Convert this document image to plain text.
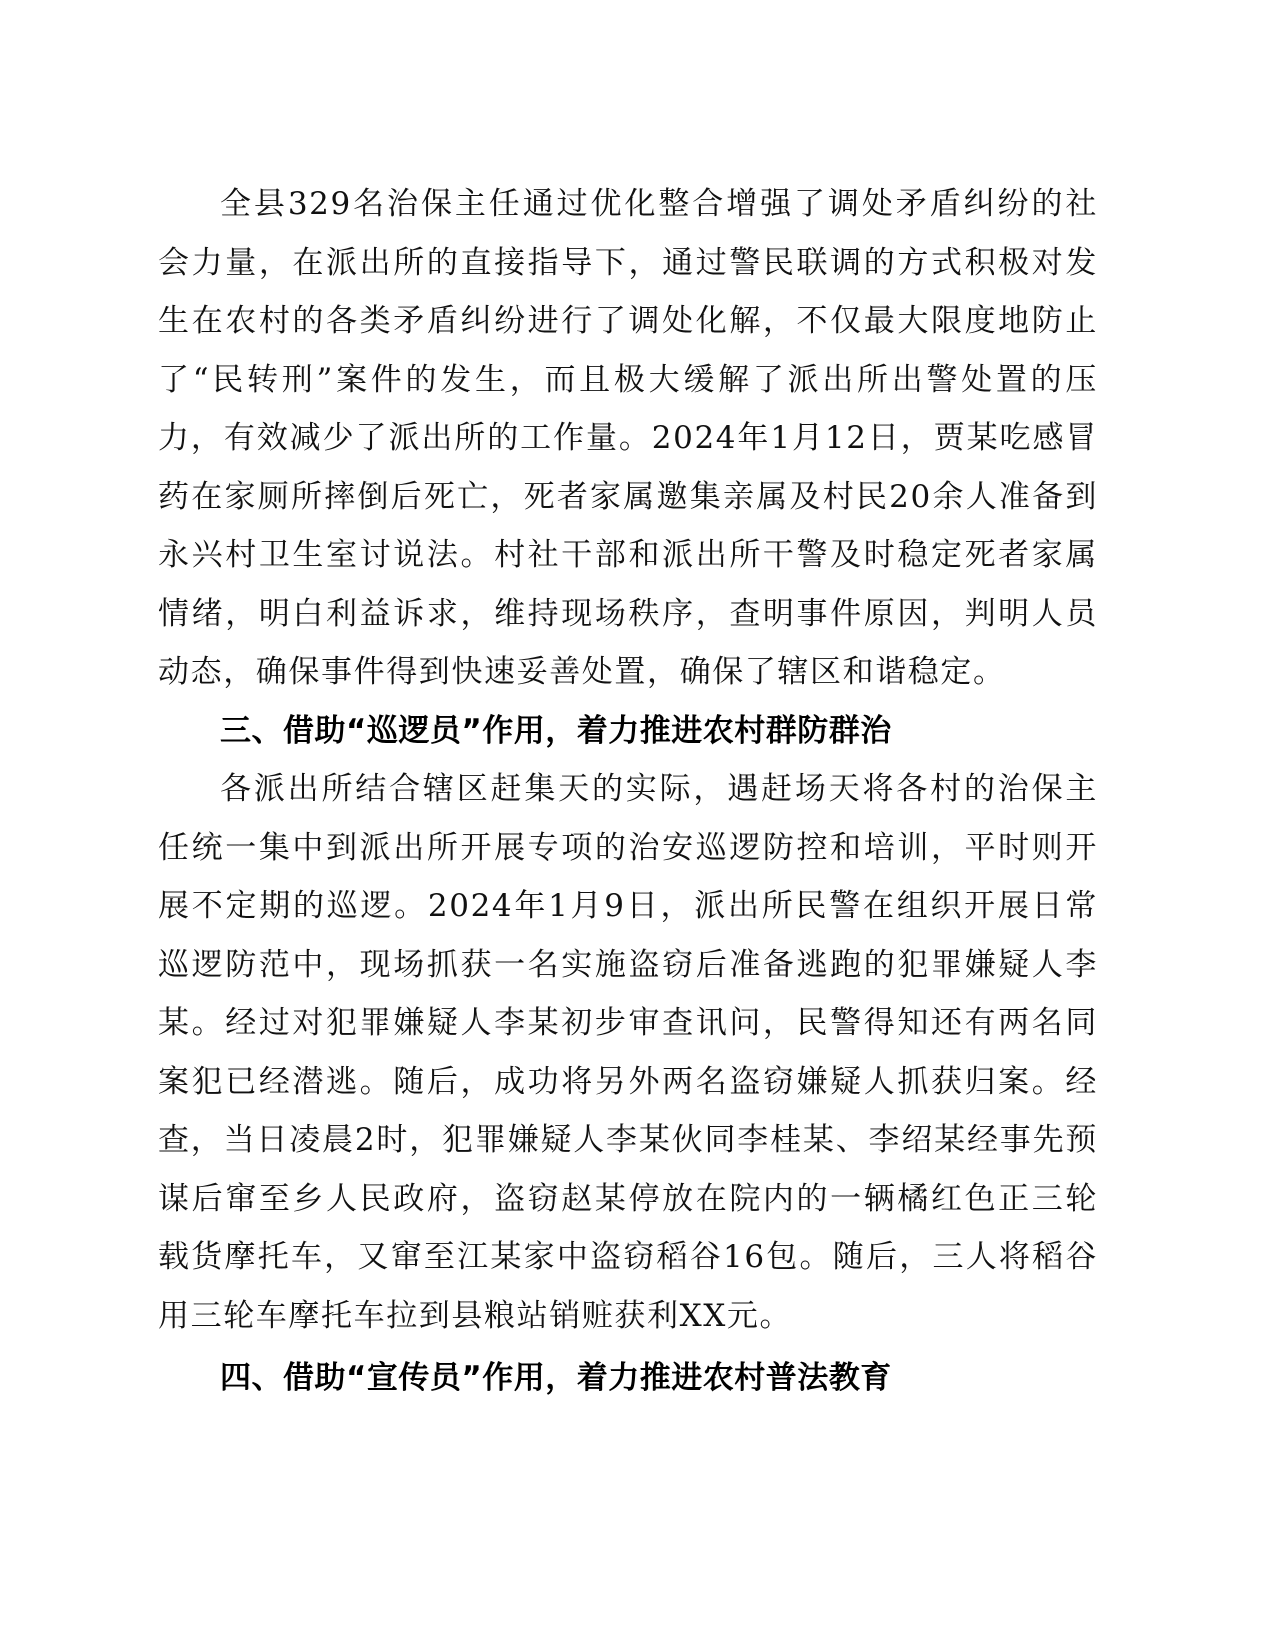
全县329名治保主任通过优化整合增强了调处矛盾纠纷的社会力量，在派出所的直接指导下，通过警民联调的方式积极对发生在农村的各类矛盾纠纷进行了调处化解，不仅最大限度地防止了“民转刑”案件的发生，而且极大缓解了派出所出警处置的压力，有效减少了派出所的工作量。2024年1月12日，贾某吃感冒药在家厕所摔倒后死亡，死者家属邀集亲属及村民20余人准备到永兴村卫生室讨说法。村社干部和派出所干警及时稳定死者家属情绪，明白利益诉求，维持现场秩序，查明事件原因，判明人员动态，确保事件得到快速妥善处置，确保了辖区和谐稳定。

三、借助“巡逻员”作用，着力推进农村群防群治

各派出所结合辖区赶集天的实际，遇赶场天将各村的治保主任统一集中到派出所开展专项的治安巡逻防控和培训，平时则开展不定期的巡逻。2024年1月9日，派出所民警在组织开展日常巡逻防范中，现场抓获一名实施盗窃后准备逃跑的犯罪嫌疑人李某。经过对犯罪嫌疑人李某初步审查讯问，民警得知还有两名同案犯已经潜逃。随后，成功将另外两名盗窃嫌疑人抓获归案。经查，当日凌晨2时，犯罪嫌疑人李某伙同李桂某、李绍某经事先预谋后窜至乡人民政府，盗窃赵某停放在院内的一辆橘红色正三轮载货摩托车，又窜至江某家中盗窃稻谷16包。随后，三人将稻谷用三轮车摩托车拉到县粮站销赃获利XX元。

四、借助“宣传员”作用，着力推进农村普法教育
